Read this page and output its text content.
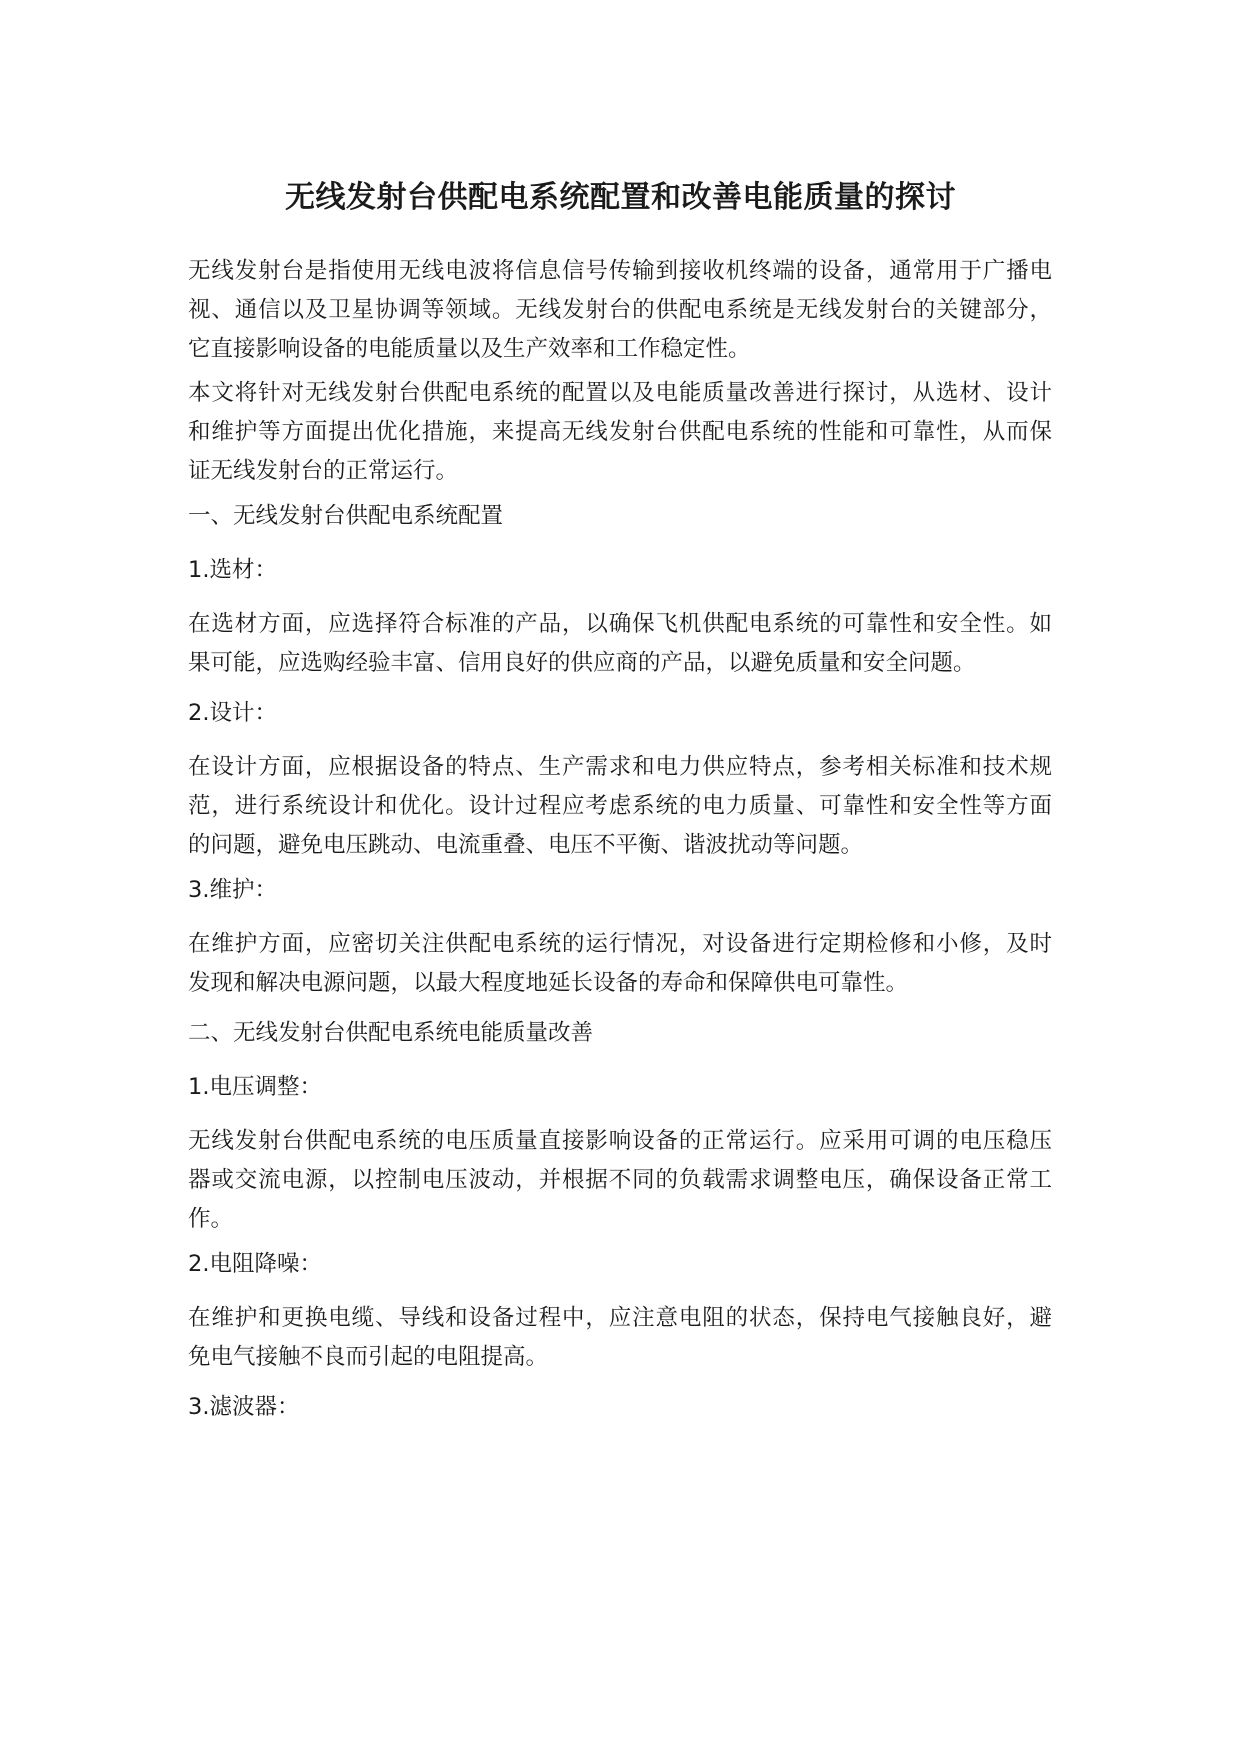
无线发射台供配电系统配置和改善电能质量的探讨
无线发射台是指使用无线电波将信息信号传输到接收机终端的设备，通常用于广播电
视、通信以及卫星协调等领域。无线发射台的供配电系统是无线发射台的关键部分，
它直接影响设备的电能质量以及生产效率和工作稳定性。
本文将针对无线发射台供配电系统的配置以及电能质量改善进行探讨，从选材、设计
和维护等方面提出优化措施，来提高无线发射台供配电系统的性能和可靠性，从而保
证无线发射台的正常运行。
一、无线发射台供配电系统配置
1.选材：
在选材方面，应选择符合标准的产品，以确保飞机供配电系统的可靠性和安全性。如
果可能，应选购经验丰富、信用良好的供应商的产品，以避免质量和安全问题。
2.设计：
在设计方面，应根据设备的特点、生产需求和电力供应特点，参考相关标准和技术规
范，进行系统设计和优化。设计过程应考虑系统的电力质量、可靠性和安全性等方面
的问题，避免电压跳动、电流重叠、电压不平衡、谐波扰动等问题。
3.维护：
在维护方面，应密切关注供配电系统的运行情况，对设备进行定期检修和小修，及时
发现和解决电源问题，以最大程度地延长设备的寿命和保障供电可靠性。
二、无线发射台供配电系统电能质量改善
1.电压调整：
无线发射台供配电系统的电压质量直接影响设备的正常运行。应采用可调的电压稳压
器或交流电源，以控制电压波动，并根据不同的负载需求调整电压，确保设备正常工
作。
2.电阻降噪：
在维护和更换电缆、导线和设备过程中，应注意电阻的状态，保持电气接触良好，避
免电气接触不良而引起的电阻提高。
3.滤波器：
